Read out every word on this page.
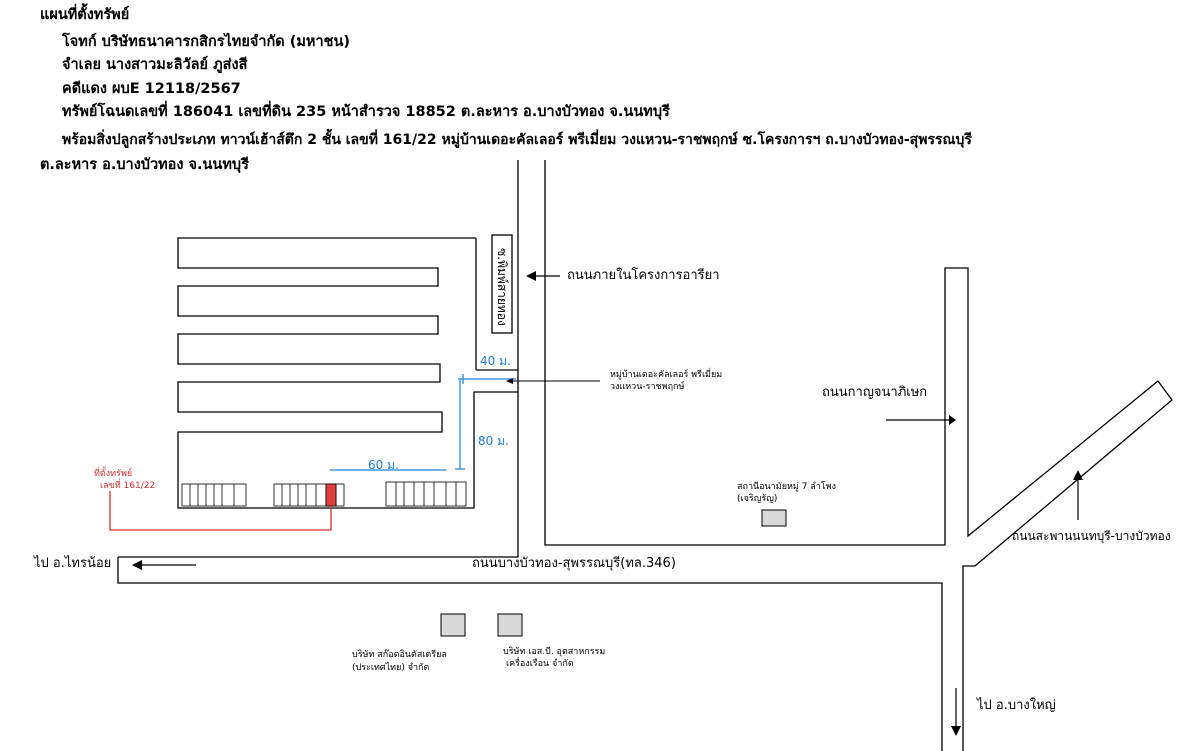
แผนที่ตั้งทรัพย์
โจทก์ บริษัทธนาคารกสิกรไทยจำกัด (มหาชน)
จำเลย นางสาวมะลิวัลย์ ภูส่งสี
คดีแดง ผบE 12118/2567
ทรัพย์โฉนดเลขที่ 186041 เลขที่ดิน 235 หน้าสำรวจ 18852 ต.ละหาร อ.บางบัวทอง จ.นนทบุรี
พร้อมสิ่งปลูกสร้างประเภท ทาวน์เฮ้าส์ตึก 2 ชั้น เลขที่ 161/22 หมู่บ้านเดอะคัลเลอร์ พรีเมี่ยม วงแหวน-ราชพฤกษ์ ซ.โครงการฯ ถ.บางบัวทอง-สุพรรณบุรี
ต.ละหาร อ.บางบัวทอง จ.นนทบุรี
ซ.พิมพ์สายทอง	ถนนภายในโครงการอารียา
40 ม.
80 ม.
60 ม.
หมู่บ้านเดอะคัลเลอร์ พรีเมี่ยม
วงแหวน-ราชพฤกษ์	ถนนกาญจนาภิเษก
สถานีอนามัยหมู่ 7 ลำโพง
(เจริญรัญ)
ถนนสะพานนนทบุรี-บางบัวทอง
ที่ตั้งทรัพย์
เลขที่ 161/22
ไป อ.ไทรน้อย	ถนนบางบัวทอง-สุพรรณบุรี(ทล.346)
บริษัท สก๊อตอินดัสเตรียล
(ประเทศไทย) จำกัด
บริษัท เอส.บี. อุตสาหกรรม
เครื่องเรือน จำกัด
ไป อ.บางใหญ่
